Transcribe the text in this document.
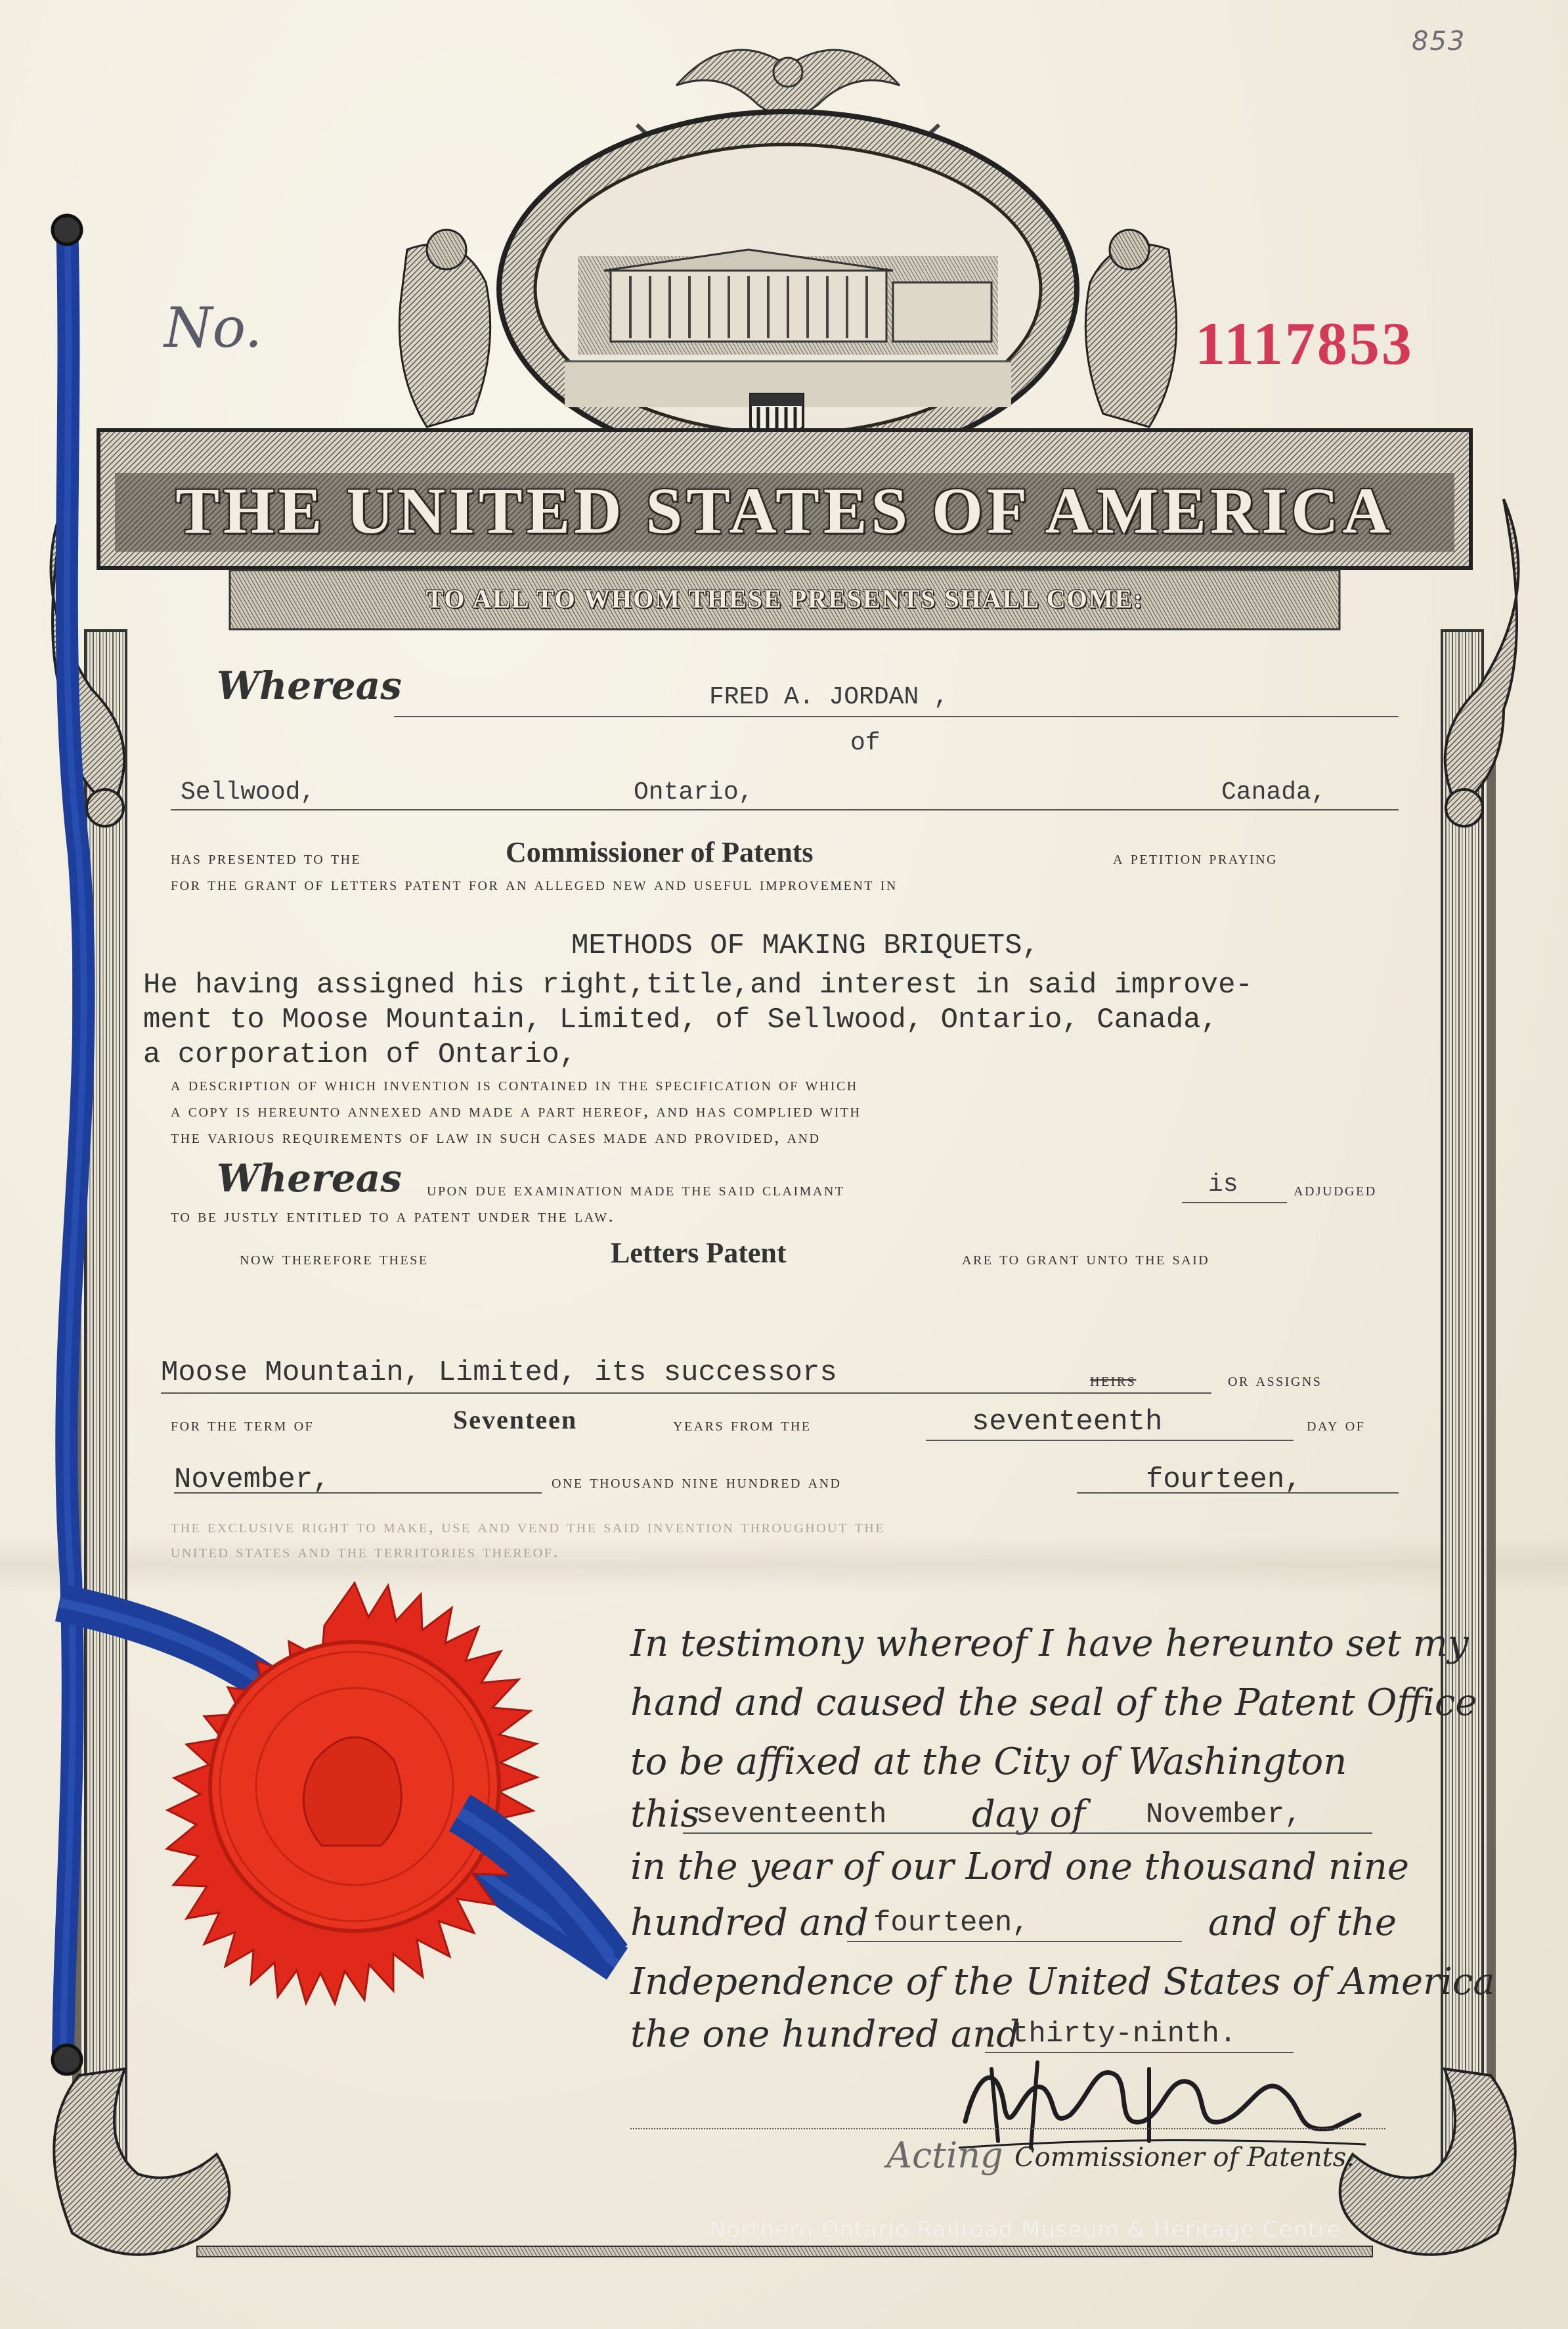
853
No.	1117853
THE UNITED STATES OF AMERICA
TO ALL TO WHOM THESE PRESENTS SHALL COME:
Whereas	FRED A. JORDAN ,
of
Sellwood,	Ontario,	Canada,
has presented to the	Commissioner of Patents	a petition praying
for the grant of letters patent for an alleged new and useful improvement in
METHODS OF MAKING BRIQUETS,
He having assigned his right,title,and interest in said improve-
ment to Moose Mountain, Limited, of Sellwood, Ontario, Canada,
a corporation of Ontario,
a description of which invention is contained in the specification of which
a copy is hereunto annexed and made a part hereof, and has complied with
the various requirements of law in such cases made and provided, and
Whereas upon due examination made the said claimant	is	adjudged
to be justly entitled to a patent under the law.
now therefore these	Letters Patent	are to grant unto the said
Moose Mountain, Limited, its successors	heirs	or assigns
for the term of	Seventeen	years from the	seventeenth	day of
November,	one thousand nine hundred and	fourteen,
the exclusive right to make, use and vend the said invention throughout the
united states and the territories thereof.
In testimony whereof I have hereunto set my
hand and caused the seal of the Patent Office
to be affixed at the City of Washington
this
seventeenth day of November,
in the year of our Lord one thousand nine
hundred and fourteen,	and of the
Independence of the United States of America
the one hundred and
thirty-ninth.
Acting Commissioner of Patents.
Northern Ontario Railroad Museum & Heritage Centre
